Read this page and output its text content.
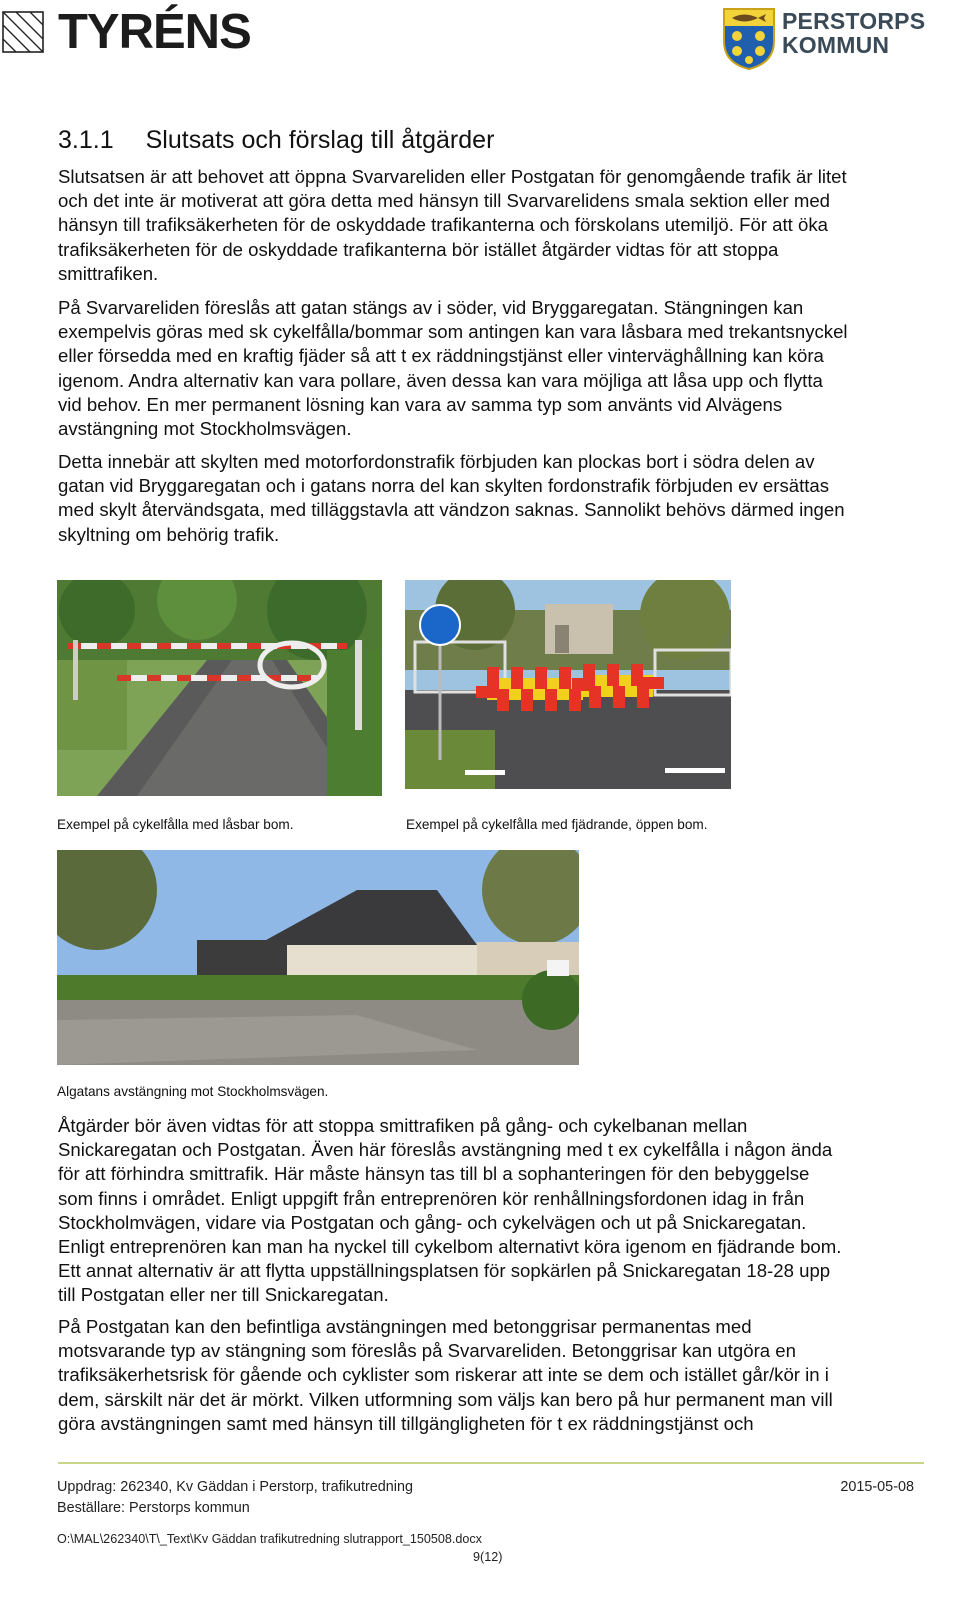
TYRÉNS	PERSTORPS
KOMMUN
3.1.1 Slutsats och förslag till åtgärder

Slutsatsen är att behovet att öppna Svarvareliden eller Postgatan för genomgående trafik är litet
och det inte är motiverat att göra detta med hänsyn till Svarvarelidens smala sektion eller med
hänsyn till trafiksäkerheten för de oskyddade trafikanterna och förskolans utemiljö. För att öka
trafiksäkerheten för de oskyddade trafikanterna bör istället åtgärder vidtas för att stoppa
smittrafiken.

På Svarvareliden föreslås att gatan stängs av i söder, vid Bryggaregatan. Stängningen kan
exempelvis göras med sk cykelfålla/bommar som antingen kan vara låsbara med trekantsnyckel
eller försedda med en kraftig fjäder så att t ex räddningstjänst eller vinterväghållning kan köra
igenom. Andra alternativ kan vara pollare, även dessa kan vara möjliga att låsa upp och flytta
vid behov. En mer permanent lösning kan vara av samma typ som använts vid Alvägens
avstängning mot Stockholmsvägen.

Detta innebär att skylten med motorfordonstrafik förbjuden kan plockas bort i södra delen av
gatan vid Bryggaregatan och i gatans norra del kan skylten fordonstrafik förbjuden ev ersättas
med skylt återvändsgata, med tilläggstavla att vändzon saknas. Sannolikt behövs därmed ingen
skyltning om behörig trafik.

Exempel på cykelfålla med låsbar bom.	Exempel på cykelfålla med fjädrande, öppen bom.
Algatans avstängning mot Stockholmsvägen.

Åtgärder bör även vidtas för att stoppa smittrafiken på gång- och cykelbanan mellan
Snickaregatan och Postgatan. Även här föreslås avstängning med t ex cykelfålla i någon ända
för att förhindra smittrafik. Här måste hänsyn tas till bl a sophanteringen för den bebyggelse
som finns i området. Enligt uppgift från entreprenören kör renhållningsfordonen idag in från
Stockholmvägen, vidare via Postgatan och gång- och cykelvägen och ut på Snickaregatan.
Enligt entreprenören kan man ha nyckel till cykelbom alternativt köra igenom en fjädrande bom.
Ett annat alternativ är att flytta uppställningsplatsen för sopkärlen på Snickaregatan 18-28 upp
till Postgatan eller ner till Snickaregatan.

På Postgatan kan den befintliga avstängningen med betonggrisar permanentas med
motsvarande typ av stängning som föreslås på Svarvareliden. Betonggrisar kan utgöra en
trafiksäkerhetsrisk för gående och cyklister som riskerar att inte se dem och istället går/kör in i
dem, särskilt när det är mörkt. Vilken utformning som väljs kan bero på hur permanent man vill
göra avstängningen samt med hänsyn till tillgängligheten för t ex räddningstjänst och

Uppdrag: 262340, Kv Gäddan i Perstorp, trafikutredning
Beställare: Perstorps kommun
2015-05-08
O:\MAL\262340\T\_Text\Kv Gäddan trafikutredning slutrapport_150508.docx
9(12)
